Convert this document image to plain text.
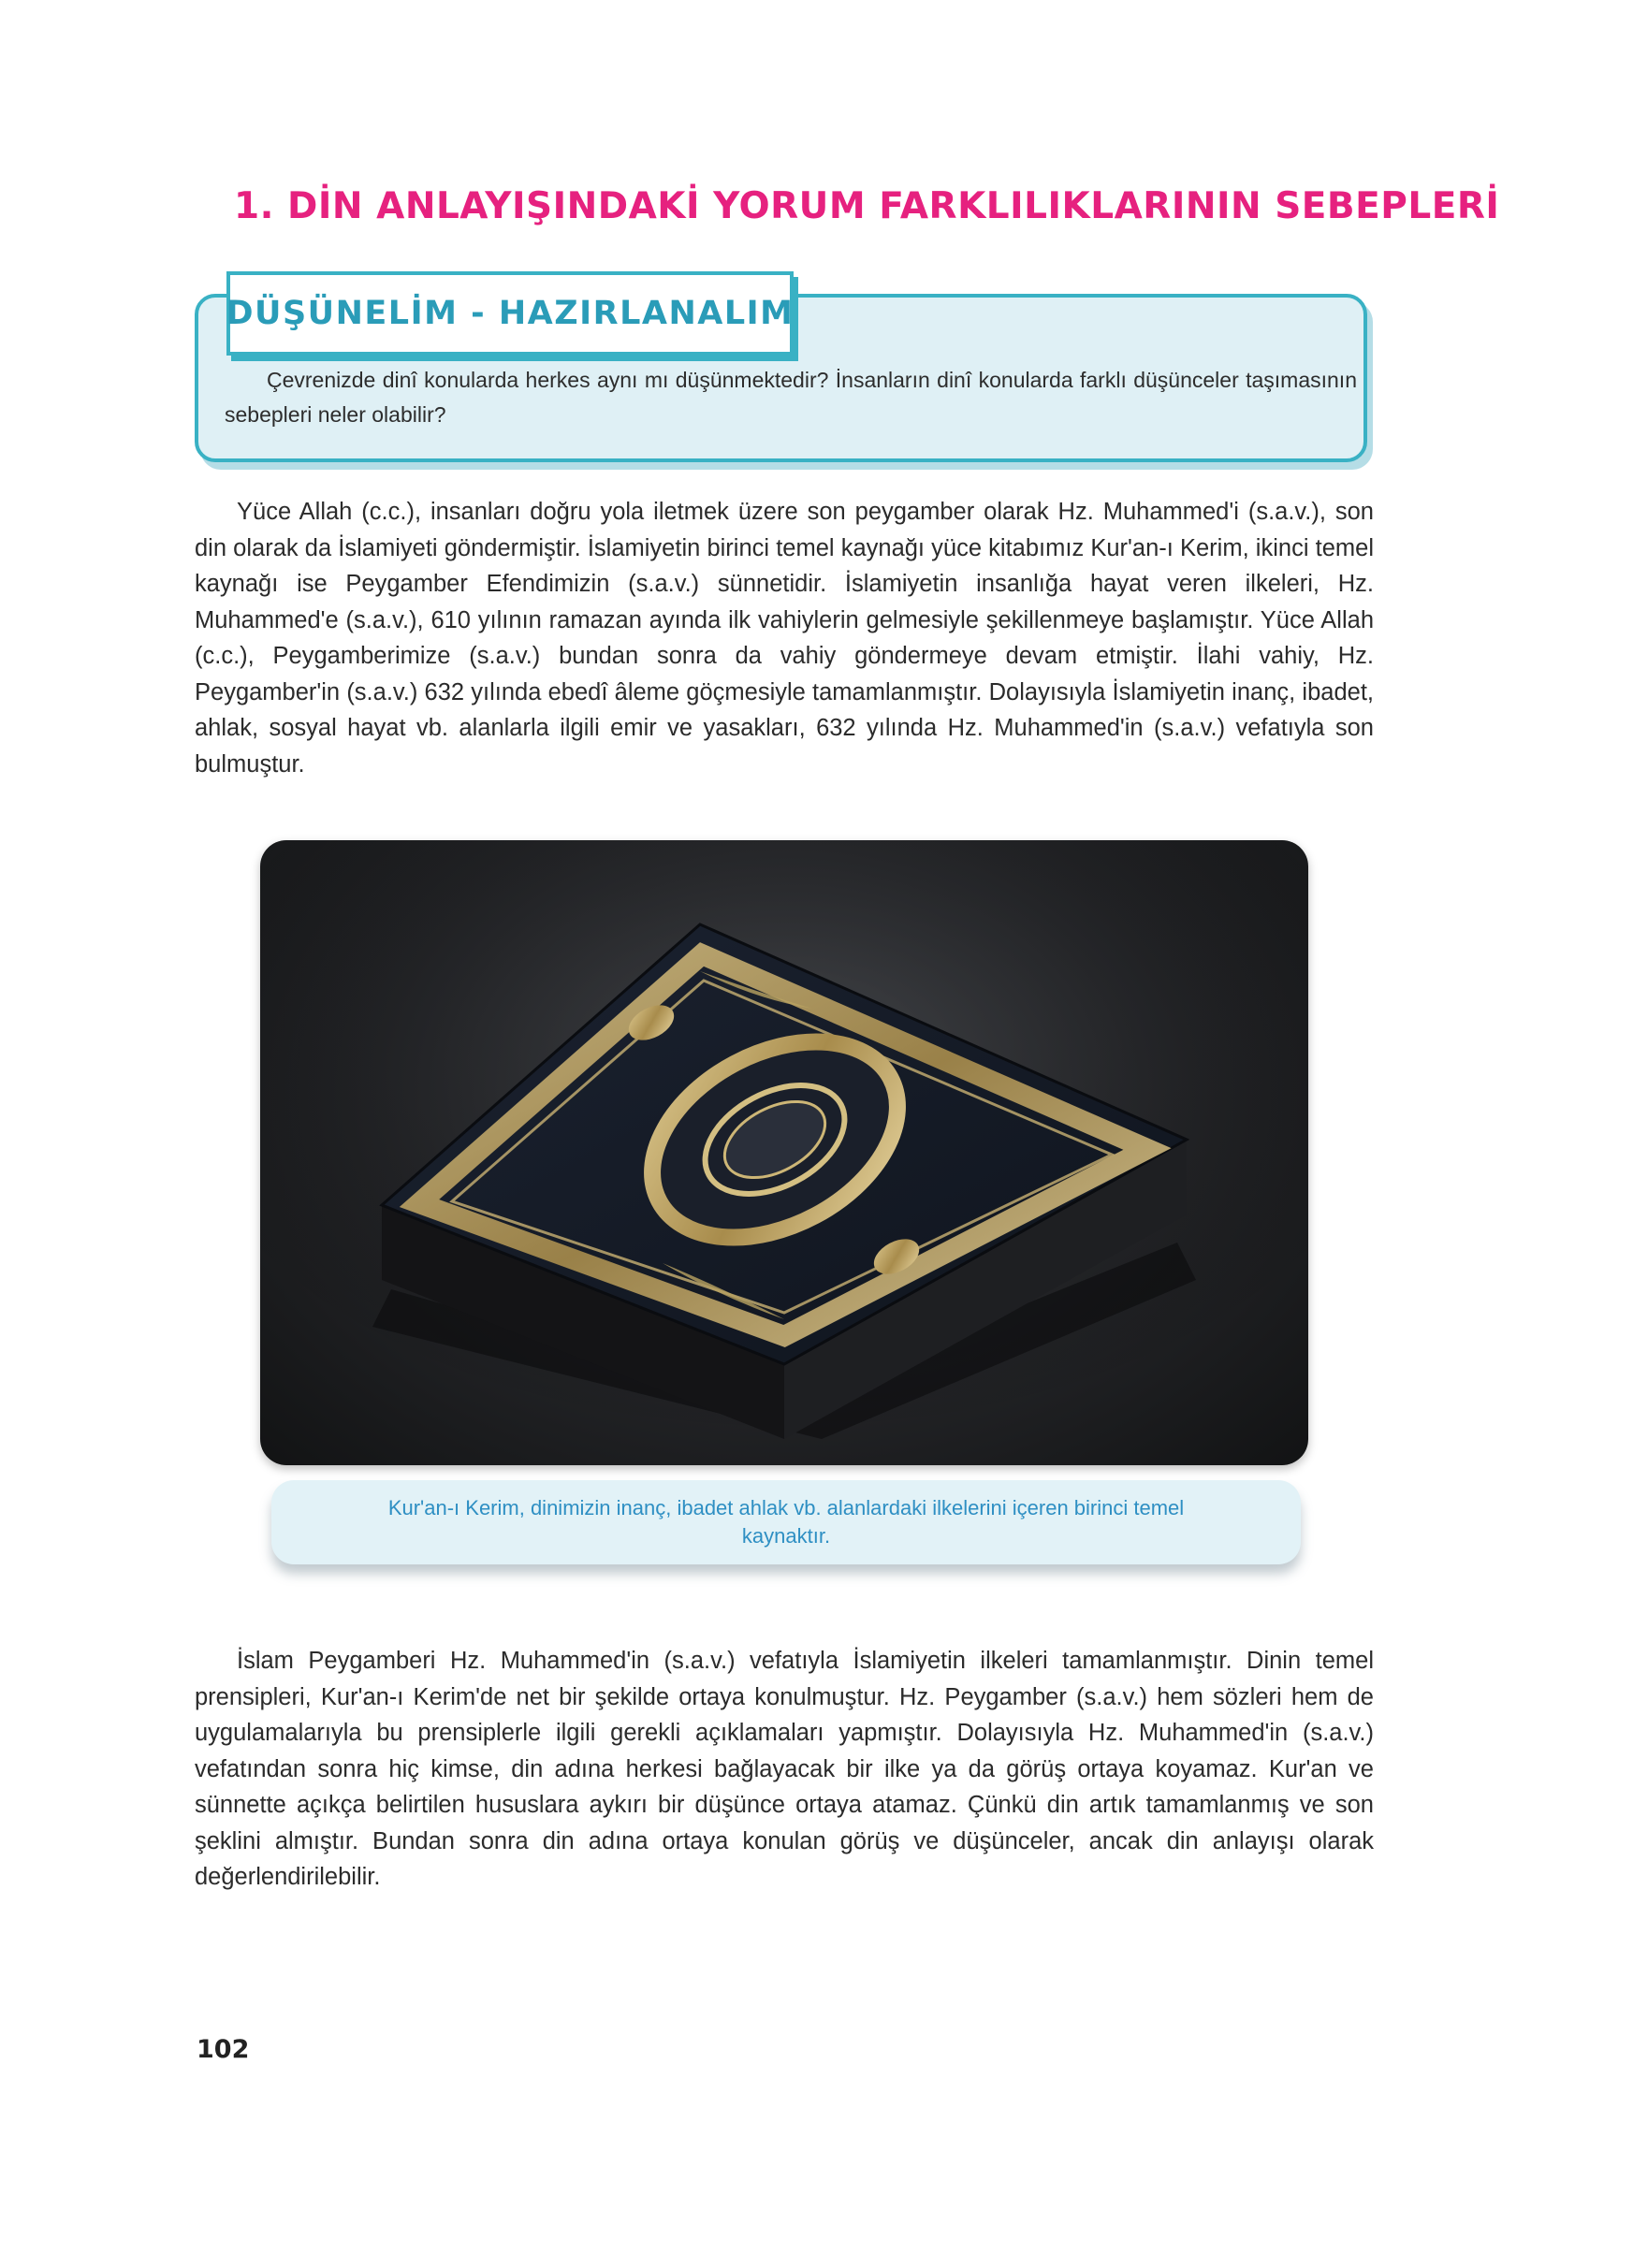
1. DİN ANLAYIŞINDAKİ YORUM FARKLILIKLARININ SEBEPLERİ
DÜŞÜNELİM - HAZIRLANALIM
Çevrenizde dinî konularda herkes aynı mı düşünmektedir? İnsanların dinî konularda farklı düşünceler taşımasının sebepleri neler olabilir?
Yüce Allah (c.c.), insanları doğru yola iletmek üzere son peygamber olarak Hz. Muhammed'i (s.a.v.), son din olarak da İslamiyeti göndermiştir. İslamiyetin birinci temel kaynağı yüce kitabımız Kur'an-ı Kerim, ikinci temel kaynağı ise Peygamber Efendimizin (s.a.v.) sünnetidir. İslamiyetin insanlığa hayat veren ilkeleri, Hz. Muhammed'e (s.a.v.), 610 yılının ramazan ayında ilk vahiylerin gelmesiyle şekillenmeye başlamıştır. Yüce Allah (c.c.), Peygamberimize (s.a.v.) bundan sonra da vahiy göndermeye devam etmiştir. İlahi vahiy, Hz. Peygamber'in (s.a.v.) 632 yılında ebedî âleme göçmesiyle tamamlanmıştır. Dolayısıyla İslamiyetin inanç, ibadet, ahlak, sosyal hayat vb. alanlarla ilgili emir ve yasakları, 632 yılında Hz. Muhammed'in (s.a.v.) vefatıyla son bulmuştur.
Kur'an-ı Kerim, dinimizin inanç, ibadet ahlak vb. alanlardaki ilkelerini içeren birinci temel kaynaktır.
İslam Peygamberi Hz. Muhammed'in (s.a.v.) vefatıyla İslamiyetin ilkeleri tamamlanmıştır. Dinin temel prensipleri, Kur'an-ı Kerim'de net bir şekilde ortaya konulmuştur. Hz. Peygamber (s.a.v.) hem sözleri hem de uygulamalarıyla bu prensiplerle ilgili gerekli açıklamaları yapmıştır. Dolayısıyla Hz. Muhammed'in (s.a.v.) vefatından sonra hiç kimse, din adına herkesi bağlayacak bir ilke ya da görüş ortaya koyamaz. Kur'an ve sünnette açıkça belirtilen hususlara aykırı bir düşünce ortaya atamaz. Çünkü din artık tamamlanmış ve son şeklini almıştır. Bundan sonra din adına ortaya konulan görüş ve düşünceler, ancak din anlayışı olarak değerlendirilebilir.
102
